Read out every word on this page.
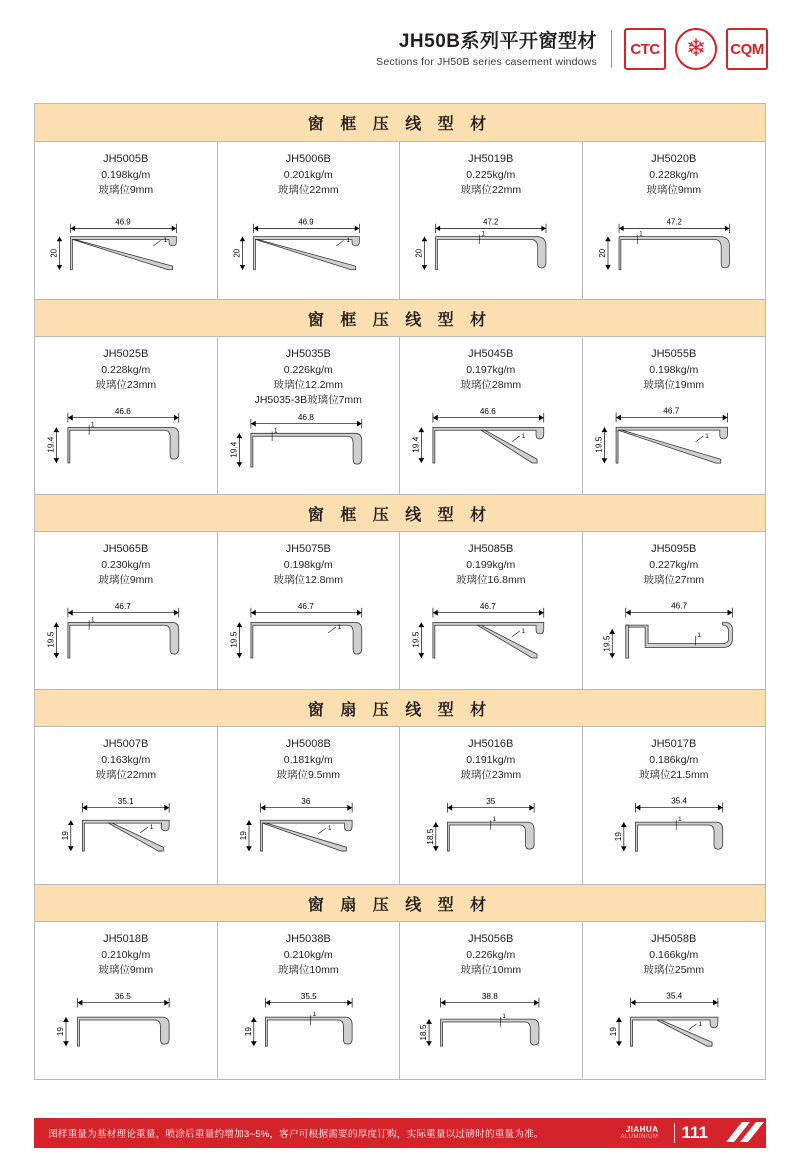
JH50B系列平开窗型材
Sections for JH50B series casement windows
CTC ❄ CQM
窗 框 压 线 型 材
JH5005B
0.198kg/m
玻璃位9mm
46.9
20
1
JH5006B
0.201kg/m
玻璃位22mm
46.9
20
1
JH5019B
0.225kg/m
玻璃位22mm
47.2
20
1
JH5020B
0.228kg/m
玻璃位9mm
47.2
20
1
窗 框 压 线 型 材
JH5025B
0.228kg/m
玻璃位23mm
46.6
19.4
1
JH5035B
0.226kg/m
玻璃位12.2mm
JH5035-3B玻璃位7mm
46.8
19.4
1
JH5045B
0.197kg/m
玻璃位28mm
46.6
19.4
1
JH5055B
0.198kg/m
玻璃位19mm
46.7
19.5
1
窗 框 压 线 型 材
JH5065B
0.230kg/m
玻璃位9mm
46.7
19.5
1
JH5075B
0.198kg/m
玻璃位12.8mm
46.7
19.5
1
JH5085B
0.199kg/m
玻璃位16.8mm
46.7
19.5
1
JH5095B
0.227kg/m
玻璃位27mm
46.7
19.5
1
窗 扇 压 线 型 材
JH5007B
0.163kg/m
玻璃位22mm
35.1
19
1
JH5008B
0.181kg/m
玻璃位9.5mm
36
19
1
JH5016B
0.191kg/m
玻璃位23mm
35
18.5
1
JH5017B
0.186kg/m
玻璃位21.5mm
35.4
19
1
窗 扇 压 线 型 材
JH5018B
0.210kg/m
玻璃位9mm
36.5
19
JH5038B
0.210kg/m
玻璃位10mm
35.5
19
1
JH5056B
0.226kg/m
玻璃位10mm
38.8
18.5
1
JH5058B
0.166kg/m
玻璃位25mm
35.4
19
1
图样重量为基材理论重量，喷涂后重量约增加3~5%，客户可根据需要的厚度订购，实际重量以过磅时的重量为准。	JIAHUA
ALUMINIUM 111
